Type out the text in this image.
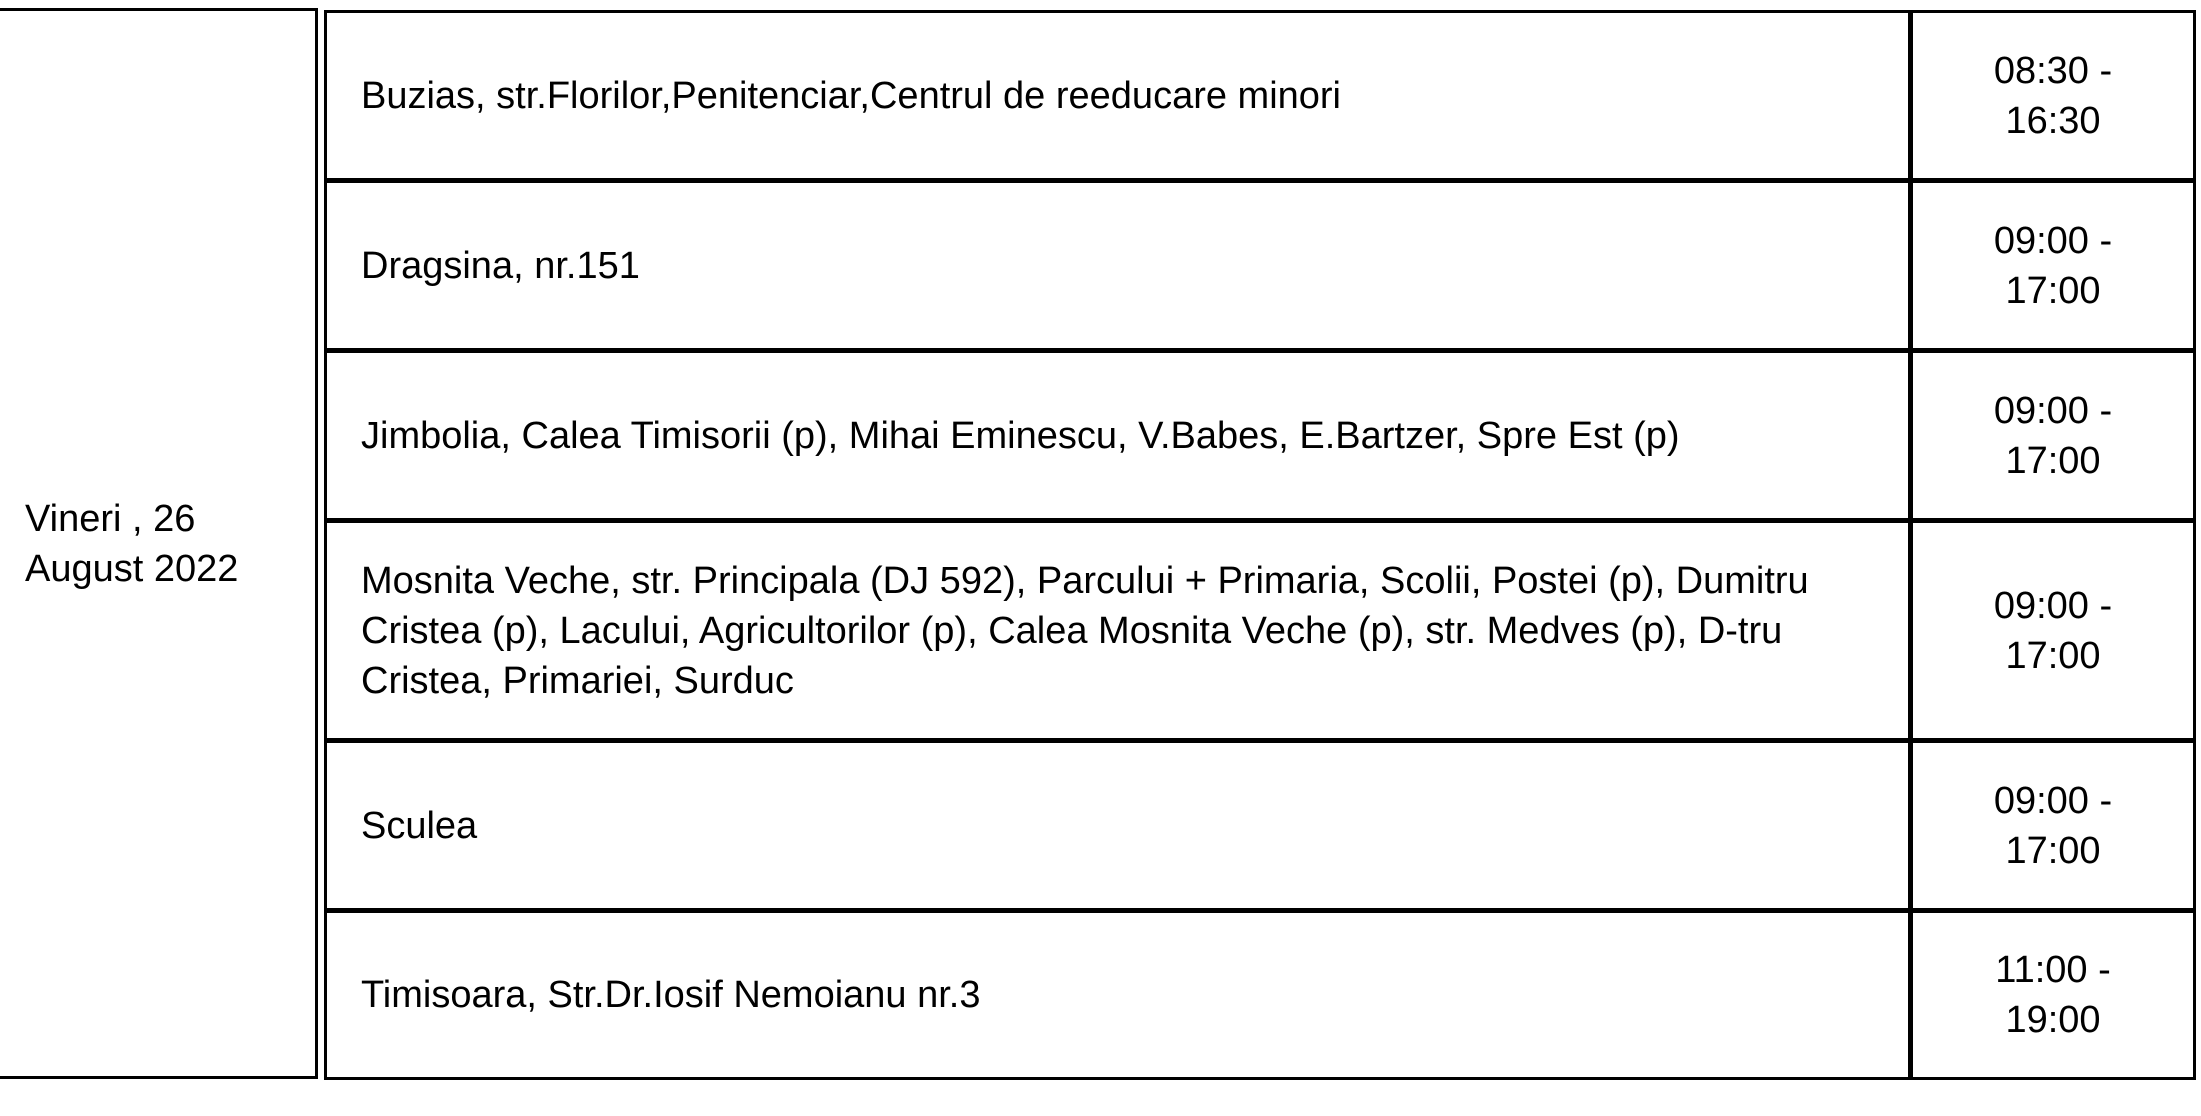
Vineri , 26
August 2022
Buzias, str.Florilor,Penitenciar,Centrul de reeducare minori
08:30 -
16:30
Dragsina, nr.151
09:00 -
17:00
Jimbolia, Calea Timisorii (p), Mihai Eminescu, V.Babes, E.Bartzer, Spre Est (p)
09:00 -
17:00
Mosnita Veche, str. Principala (DJ 592), Parcului + Primaria, Scolii, Postei (p), Dumitru Cristea (p), Lacului, Agricultorilor (p), Calea Mosnita Veche (p), str. Medves (p), D-tru Cristea, Primariei, Surduc
09:00 -
17:00
Sculea
09:00 -
17:00
Timisoara, Str.Dr.Iosif Nemoianu nr.3
11:00 -
19:00
